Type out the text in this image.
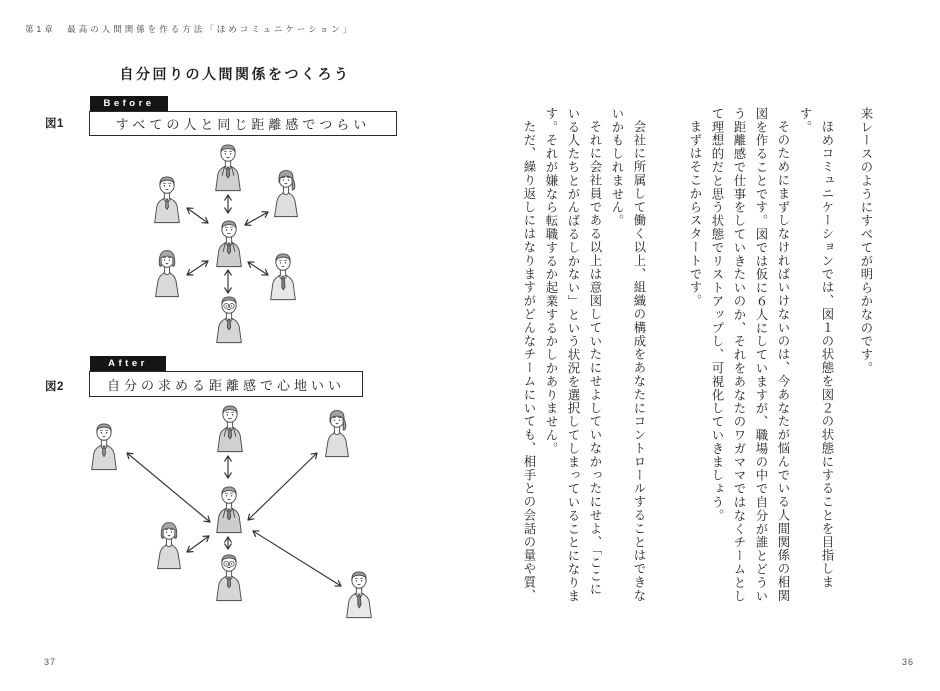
第1章　最高の人間関係を作る方法「ほめコミュニケーション」
自分回りの人間関係をつくろう
図1
Before
すべての人と同じ距離感でつらい
図2
After
自分の求める距離感で心地いい
37

来レースのようにすべてが明らかなのです。

ほめコミュニケーションでは、図１の状態を図２の状態にすることを目指します。

そのためにまずしなければいけないのは、今あなたが悩んでいる人間関係の相関

図を作ることです。図では仮に６人にしていますが、職場の中で自分が誰とどうい

う距離感で仕事をしていきたいのか、それをあなたのワガママではなくチームとし

て理想的だと思う状態でリストアップし、可視化していきましょう。

まずはそこからスタートです。

会社に所属して働く以上、組織の構成をあなたにコントロールすることはできな

いかもしれません。

それに会社員である以上は意図していたにせよしていなかったにせよ、「ここに

いる人たちとがんばるしかない」という状況を選択してしまっていることになりま

す。それが嫌なら転職するか起業するかしかありません。

ただ、繰り返しにはなりますがどんなチームにいても、相手との会話の量や質、

36
